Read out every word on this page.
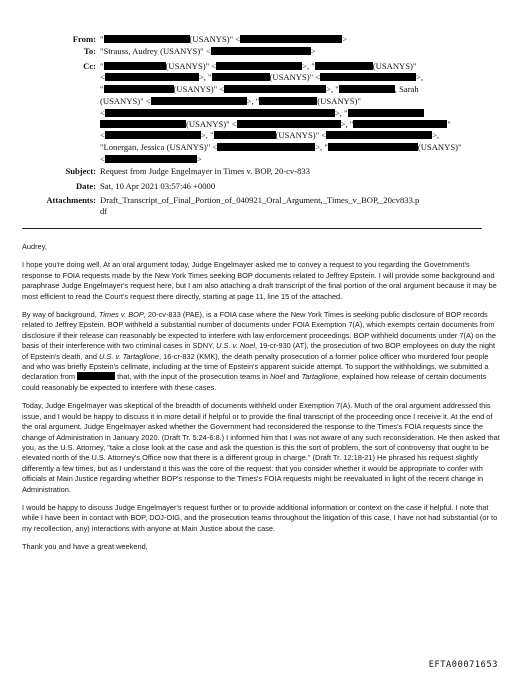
From: "	(USANYS)" <	>
To: "Strauss, Audrey (USANYS)" <	>
Cc: "	(USANYS)" <	>, "	(USANYS)"
<	>, "	(USANYS)" <	>,
"	(USANYS)" <	>, "	, Sarah
(USANYS)" <	>, "	(USANYS)"
<	>, "
(USANYS)" <	>, "	"
<	>, "	(USANYS)" <	>,
"Lonergan, Jessica (USANYS)" <	>, "	(USANYS)"
<	>
Subject: Request from Judge Engelmayer in Times v. BOP, 20-cv-833
Date: Sat, 10 Apr 2021 03:57:46 +0000
Attachments: Draft_Transcript_of_Final_Portion_of_040921_Oral_Argument,_Times_v_BOP,_20cv833.p
df

Audrey,

I hope you're doing well. At an oral argument today, Judge Engelmayer asked me to convey a request to you regarding the Government's response to FOIA requests made by the New York Times seeking BOP documents related to Jeffrey Epstein. I will provide some background and paraphrase Judge Engelmayer's request here, but I am also attaching a draft transcript of the final portion of the oral argument because it may be most efficient to read the Court's request there directly, starting at page 11, line 15 of the attached.

By way of background, Times v. BOP, 20-cv-833 (PAE), is a FOIA case where the New York Times is seeking public disclosure of BOP records related to Jeffrey Epstein. BOP withheld a substantial number of documents under FOIA Exemption 7(A), which exempts certain documents from disclosure if their release can reasonably be expected to interfere with law enforcement proceedings. BOP withheld documents under 7(A) on the basis of their interference with two criminal cases in SDNY, U.S. v. Noel, 19-cr-930 (AT), the prosecution of two BOP employees on duty the night of Epstein's death, and U.S. v. Tartaglione, 16-cr-832 (KMK), the death penalty prosecution of a former police officer who murdered four people and who was briefly Epstein's cellmate, including at the time of Epstein's apparent suicide attempt. To support the withholdings, we submitted a declaration from	that, with the input of the prosecution teams in Noel and Tartaglione, explained how release of certain documents could reasonably be expected to interfere with these cases.

Today, Judge Engelmayer was skeptical of the breadth of documents withheld under Exemption 7(A). Much of the oral argument addressed this issue, and I would be happy to discuss it in more detail if helpful or to provide the final transcript of the proceeding once I receive it. At the end of the oral argument, Judge Engelmayer asked whether the Government had reconsidered the response to the Times's FOIA requests since the change of Administration in January 2020. (Draft Tr. 5:24-6:8.) I informed him that I was not aware of any such reconsideration. He then asked that you, as the U.S. Attorney, "take a close look at the case and ask the question is this the sort of problem, the sort of controversy that ought to be elevated north of the U.S. Attorney's Office now that there is a different group in charge." (Draft Tr. 12:18-21) He phrased his request slightly differently a few times, but as I understand it this was the core of the request: that you consider whether it would be appropriate to confer with officials at Main Justice regarding whether BOP's response to the Times's FOIA requests might be reevaluated in light of the recent change in Administration.

I would be happy to discuss Judge Engelmayer's request further or to provide additional information or context on the case if helpful. I note that while I have been in contact with BOP, DOJ-OIG, and the prosecution teams throughout the litigation of this case, I have not had substantial (or to my recollection, any) interactions with anyone at Main Justice about the case.

Thank you and have a great weekend,

EFTA00071653
